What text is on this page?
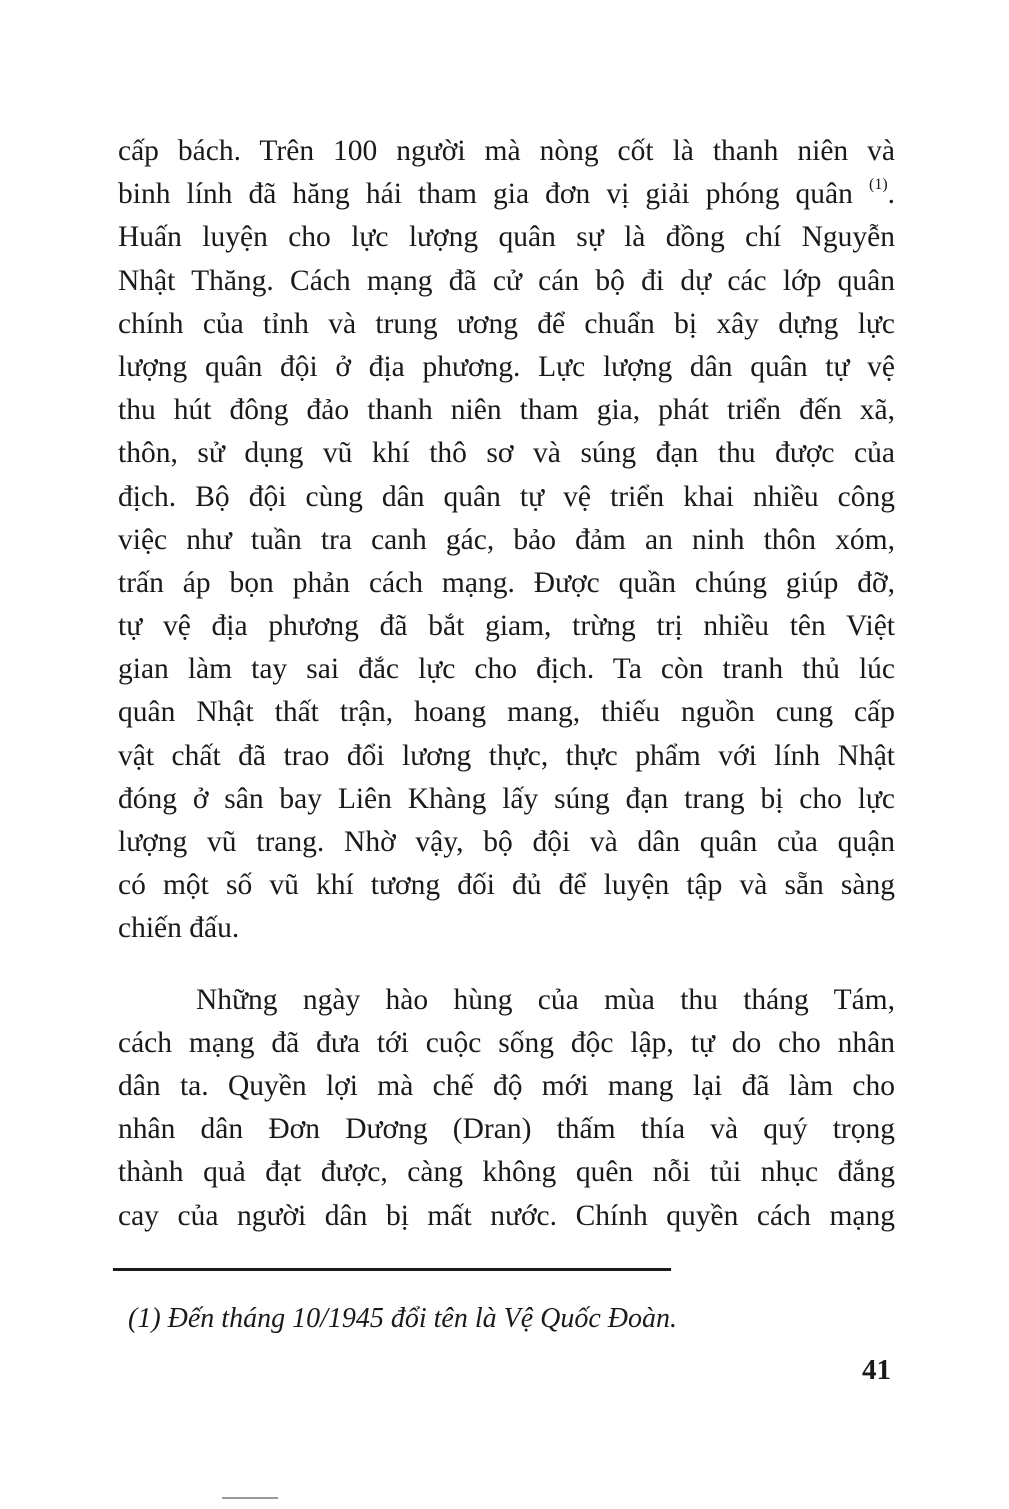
cấp bách. Trên 100 người mà nòng cốt là thanh niên và
binh lính đã hăng hái tham gia đơn vị giải phóng quân $^{(1)}$.
Huấn luyện cho lực lượng quân sự là đồng chí Nguyễn
Nhật Thăng. Cách mạng đã cử cán bộ đi dự các lớp quân
chính của tỉnh và trung ương để chuẩn bị xây dựng lực
lượng quân đội ở địa phương. Lực lượng dân quân tự vệ
thu hút đông đảo thanh niên tham gia, phát triển đến xã,
thôn, sử dụng vũ khí thô sơ và súng đạn thu được của
địch. Bộ đội cùng dân quân tự vệ triển khai nhiều công
việc như tuần tra canh gác, bảo đảm an ninh thôn xóm,
trấn áp bọn phản cách mạng. Được quần chúng giúp đỡ,
tự vệ địa phương đã bắt giam, trừng trị nhiều tên Việt
gian làm tay sai đắc lực cho địch. Ta còn tranh thủ lúc
quân Nhật thất trận, hoang mang, thiếu nguồn cung cấp
vật chất đã trao đổi lương thực, thực phẩm với lính Nhật
đóng ở sân bay Liên Khàng lấy súng đạn trang bị cho lực
lượng vũ trang. Nhờ vậy, bộ đội và dân quân của quận
có một số vũ khí tương đối đủ để luyện tập và sẵn sàng
chiến đấu.
Những ngày hào hùng của mùa thu tháng Tám,
cách mạng đã đưa tới cuộc sống độc lập, tự do cho nhân
dân ta. Quyền lợi mà chế độ mới mang lại đã làm cho
nhân dân Đơn Dương (Dran) thấm thía và quý trọng
thành quả đạt được, càng không quên nỗi tủi nhục đắng
cay của người dân bị mất nước. Chính quyền cách mạng
(1) Đến tháng 10/1945 đổi tên là Vệ Quốc Đoàn.
41
